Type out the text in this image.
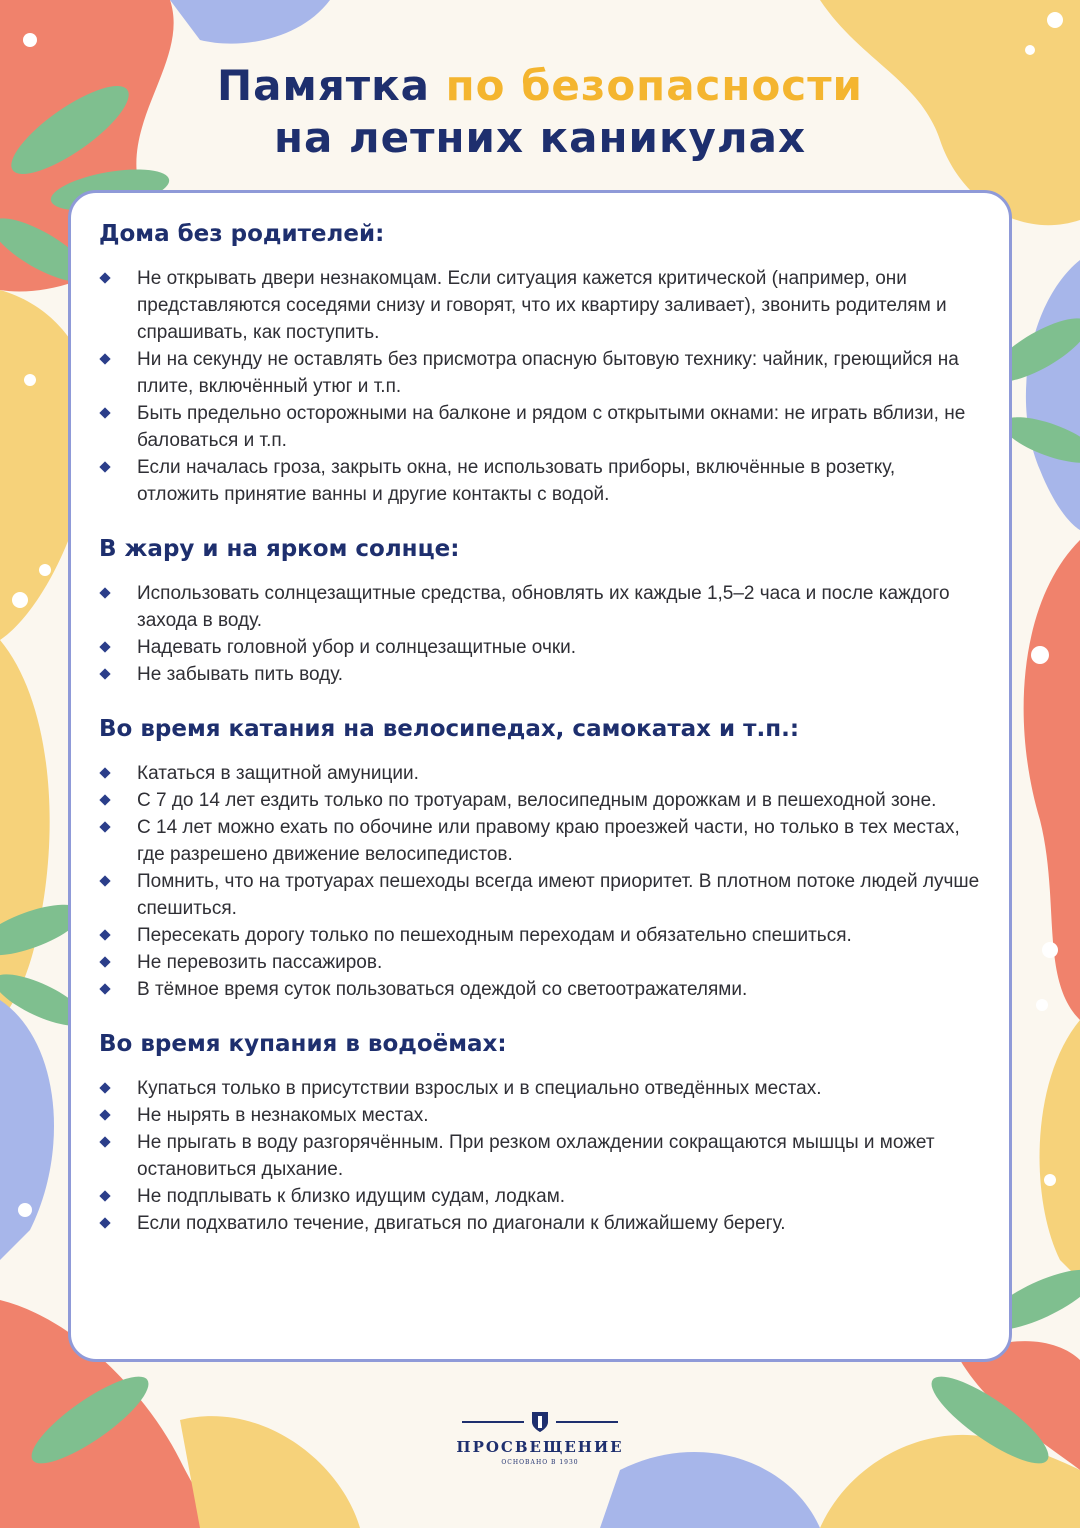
Памятка по безопасности
на летних каникулах
Дома без родителей:
Не открывать двери незнакомцам. Если ситуация кажется критической (например, они представляются соседями снизу и говорят, что их квартиру заливает), звонить родителям и спрашивать, как поступить.
Ни на секунду не оставлять без присмотра опасную бытовую технику: чайник, греющийся на плите, включённый утюг и т.п.
Быть предельно осторожными на балконе и рядом с открытыми окнами: не играть вблизи, не баловаться и т.п.
Если началась гроза, закрыть окна, не использовать приборы, включённые в розетку, отложить принятие ванны и другие контакты с водой.
В жару и на ярком солнце:
Использовать солнцезащитные средства, обновлять их каждые 1,5–2 часа и после каждого захода в воду.
Надевать головной убор и солнцезащитные очки.
Не забывать пить воду.
Во время катания на велосипедах, самокатах и т.п.:
Кататься в защитной амуниции.
С 7 до 14 лет ездить только по тротуарам, велосипедным дорожкам и в пешеходной зоне.
С 14 лет можно ехать по обочине или правому краю проезжей части, но только в тех местах, где разрешено движение велосипедистов.
Помнить, что на тротуарах пешеходы всегда имеют приоритет. В плотном потоке людей лучше спешиться.
Пересекать дорогу только по пешеходным переходам и обязательно спешиться.
Не перевозить пассажиров.
В тёмное время суток пользоваться одеждой со светоотражателями.
Во время купания в водоёмах:
Купаться только в присутствии взрослых и в специально отведённых местах.
Не нырять в незнакомых местах.
Не прыгать в воду разгорячённым. При резком охлаждении сокращаются мышцы и может остановиться дыхание.
Не подплывать к близко идущим судам, лодкам.
Если подхватило течение, двигаться по диагонали к ближайшему берегу.
ПРОСВЕЩЕНИЕ
ОСНОВАНО В 1930
